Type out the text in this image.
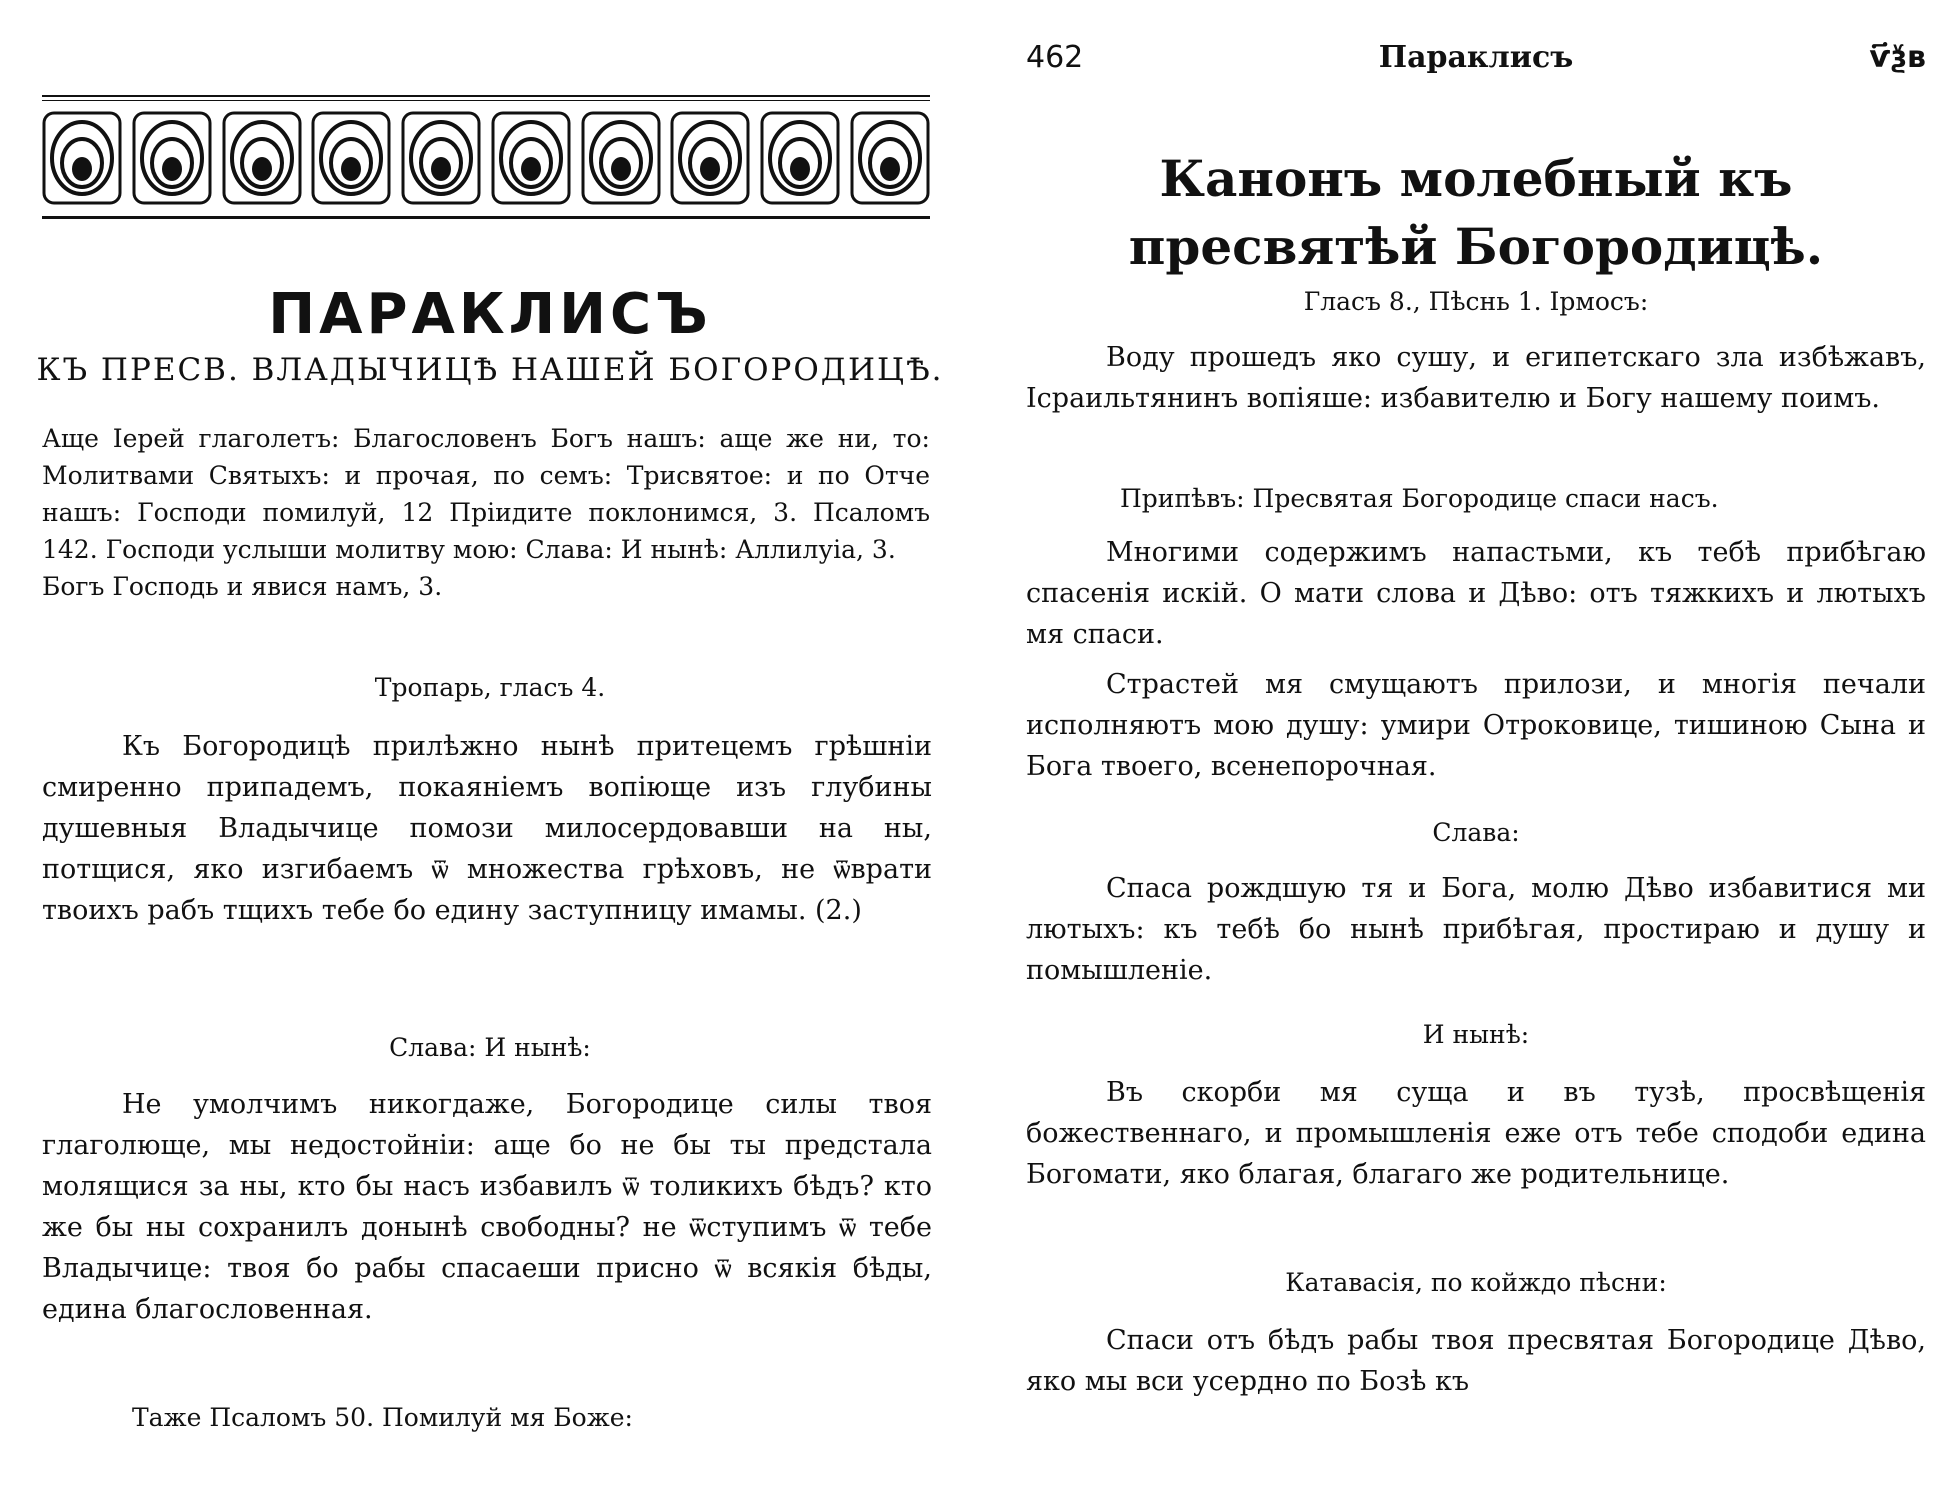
ПАРАКЛИСЪ
КЪ ПРЕСВ. ВЛАДЫЧИЦѢ НАШЕЙ БОГОРОДИЦѢ.
Аще Іерей глаголетъ: Благословенъ Богъ нашъ: аще же ни, то: Молитвами Святыхъ: и прочая, по семъ: Трисвятое: и по Отче нашъ: Господи помилуй, 12 Пріидите поклонимся, 3. Псаломъ 142. Господи услыши молитву мою: Слава: И нынѣ: Аллилуіа, 3.
Богъ Господь и явися намъ, 3.
Тропарь, гласъ 4.
Къ Богородицѣ прилѣжно нынѣ притецемъ грѣшніи смиренно припадемъ, покаяніемъ вопіюще изъ глубины душевныя Владычице помози милосердовавши на ны, потщися, яко изгибаемъ ѿ множества грѣховъ, не ѿврати твоихъ рабъ тщихъ тебе бо едину заступницу имамы. (2.)
Слава: И нынѣ:
Не умолчимъ никогдаже, Богородице силы твоя глаголюще, мы недостойніи: аще бо не бы ты предстала молящися за ны, кто бы насъ избавилъ ѿ толикихъ бѣдъ? кто же бы ны сохранилъ донынѣ свободны? не ѿступимъ ѿ тебе Владычице: твоя бо рабы спасаеши присно ѿ всякія бѣды, едина благословенная.
Таже Псаломъ 50. Помилуй мя Боже:
462	Параклисъ	ѵ҃ѯв
Канонъ молебный къ пресвятѣй Богородицѣ.
Гласъ 8., Пѣснь 1. Ірмосъ:
Воду прошедъ яко сушу, и египетскаго зла избѣжавъ, Ісраильтянинъ вопіяше: избавителю и Богу нашему поимъ.
Припѣвъ: Пресвятая Богородице спаси насъ.
Многими содержимъ напастьми, къ тебѣ прибѣгаю спасенія искій. О мати слова и Дѣво: отъ тяжкихъ и лютыхъ мя спаси.
Страстей мя смущаютъ прилози, и многія печали исполняютъ мою душу: умири Отроковице, тишиною Сына и Бога твоего, всенепорочная.
Слава:
Спаса рождшую тя и Бога, молю Дѣво избавитися ми лютыхъ: къ тебѣ бо нынѣ прибѣгая, простираю и душу и помышленіе.
И нынѣ:
Въ скорби мя суща и въ тузѣ, просвѣщенія божественнаго, и промышленія еже отъ тебе сподоби едина Богомати, яко благая, благаго же родительнице.
Катавасія, по койждо пѣсни:
Спаси отъ бѣдъ рабы твоя пресвятая Богородице Дѣво, яко мы вси усердно по Бозѣ къ
